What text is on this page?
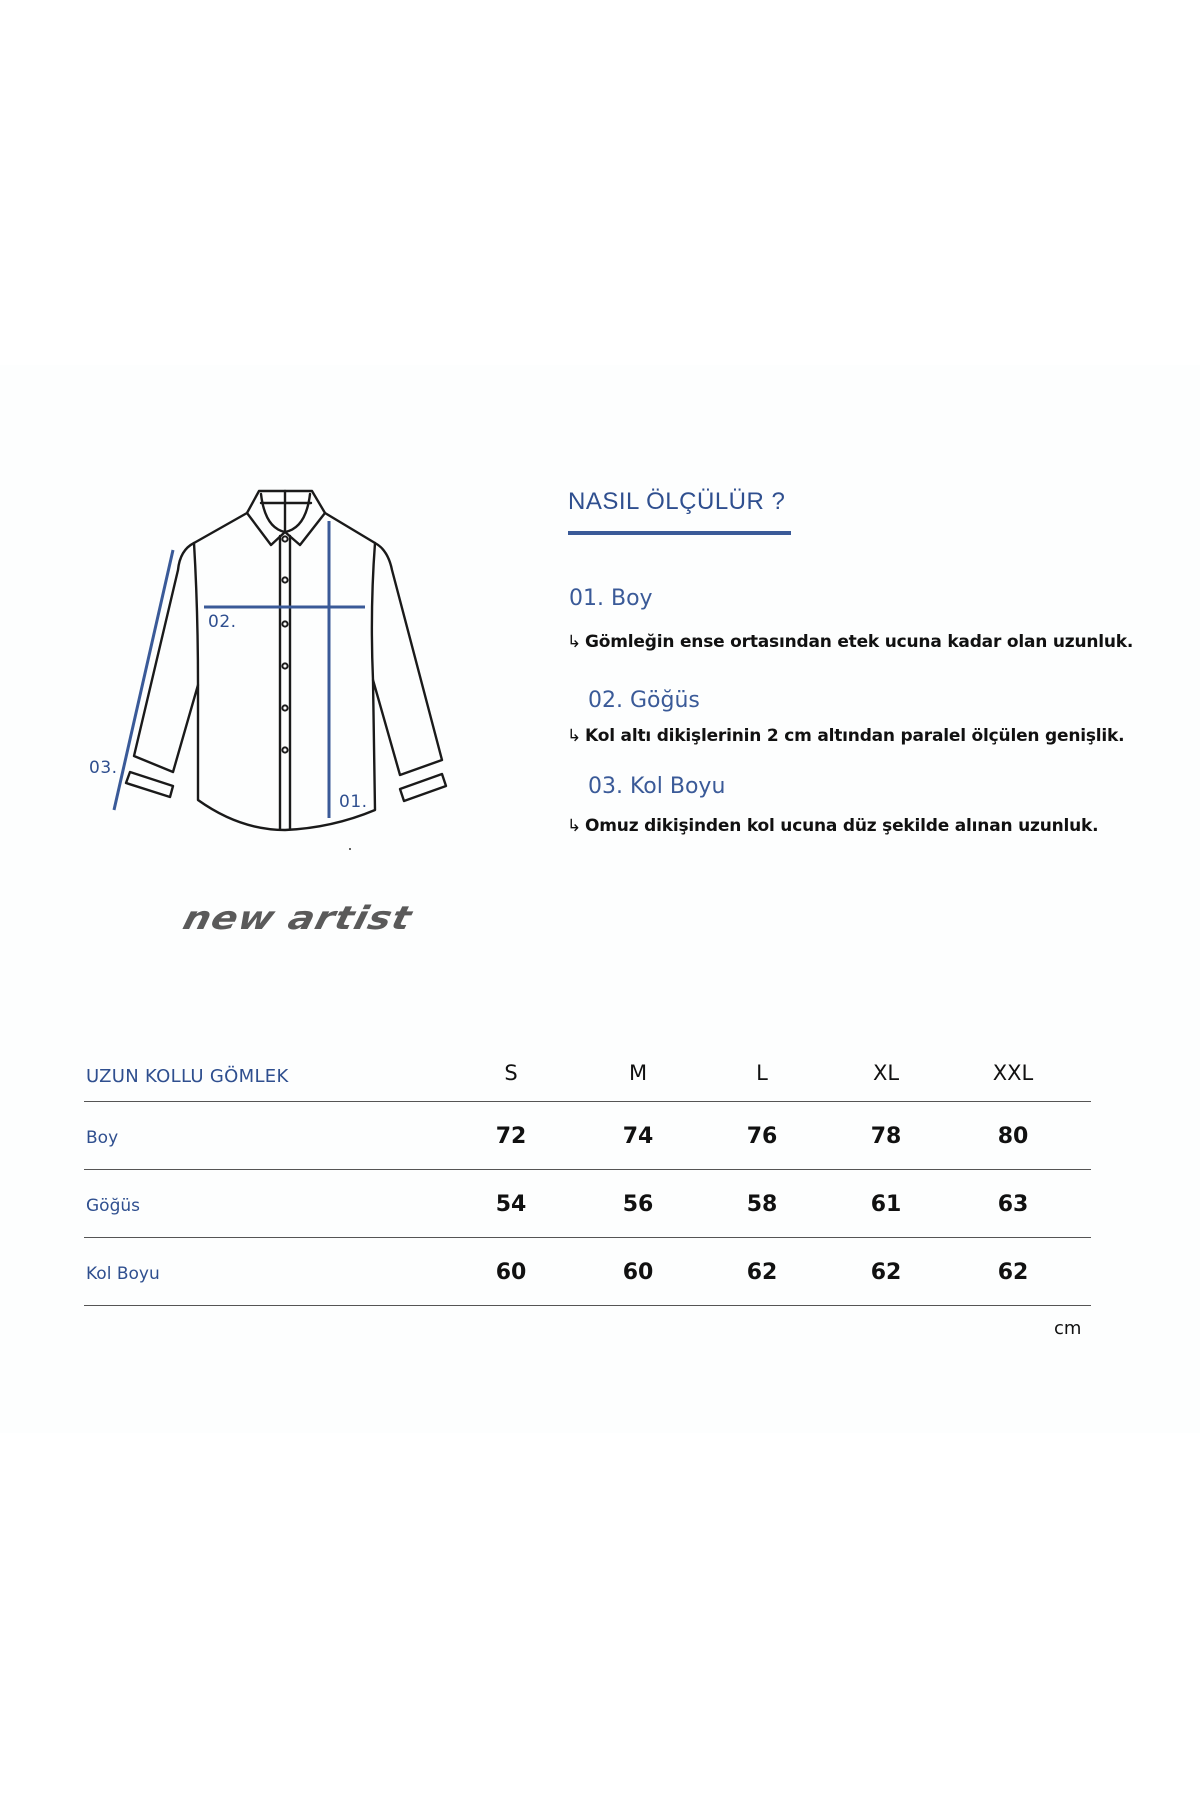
02.
01.
03.
new artist
NASIL ÖLÇÜLÜR ?
01. Boy
↳ Gömleğin ense ortasından etek ucuna kadar olan uzunluk.
02. Göğüs
↳ Kol altı dikişlerinin 2 cm altından paralel ölçülen genişlik.
03. Kol Boyu
↳ Omuz dikişinden kol ucuna düz şekilde alınan uzunluk.
UZUN KOLLU GÖMLEK	S	M	L	XL	XXL
Boy	72	74	76	78	80
Göğüs	54	56	58	61	63
Kol Boyu	60	60	62	62	62
cm
